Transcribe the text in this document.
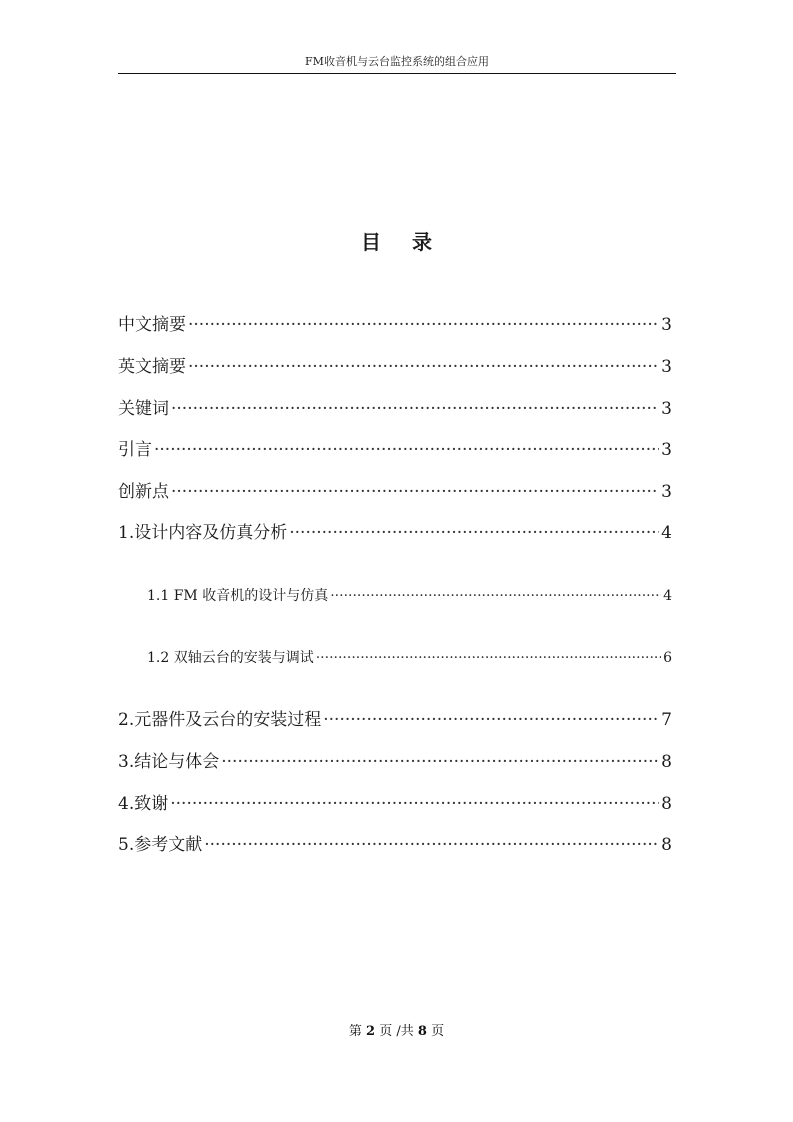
FM收音机与云台监控系统的组合应用
目 录
中文摘要 ·····	3
英文摘要 ·····	3
关键词 ·····	3
引言 ·····	3
创新点 ·····	3
1.设计内容及仿真分析 ·····	4
1.1 FM 收音机的设计与仿真 ·····	4
1.2 双轴云台的安装与调试 ·····	6
2.元器件及云台的安装过程 ·····	7
3.结论与体会 ·····	8
4.致谢 ·····	8
5.参考文献 ·····	8
第 2 页 /共 8 页
